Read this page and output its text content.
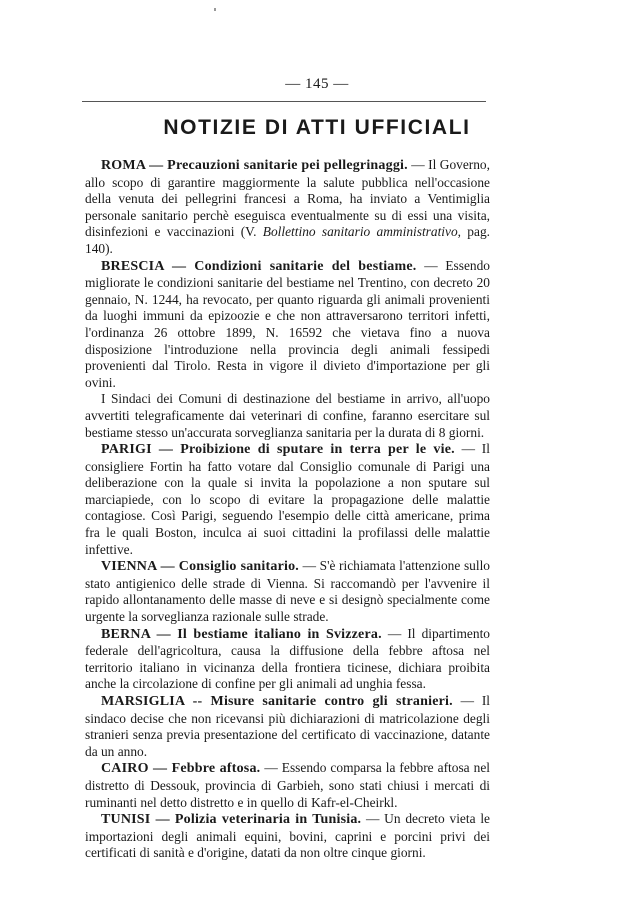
— 145 —
NOTIZIE DI ATTI UFFICIALI

ROMA — Precauzioni sanitarie pei pellegrinaggi. — Il Governo, allo scopo di garantire maggiormente la salute pubblica nell'occasione della venuta dei pellegrini francesi a Roma, ha inviato a Ventimiglia personale sanitario perchè eseguisca eventualmente su di essi una visita, disinfezioni e vaccinazioni (V. Bollettino sanitario amministrativo, pag. 140).

BRESCIA — Condizioni sanitarie del bestiame. — Essendo migliorate le condizioni sanitarie del bestiame nel Trentino, con decreto 20 gennaio, N. 1244, ha revocato, per quanto riguarda gli animali provenienti da luoghi immuni da epizoozie e che non attraversarono territori infetti, l'ordinanza 26 ottobre 1899, N. 16592 che vietava fino a nuova disposizione l'introduzione nella provincia degli animali fessipedi provenienti dal Tirolo. Resta in vigore il divieto d'importazione per gli ovini.

I Sindaci dei Comuni di destinazione del bestiame in arrivo, all'uopo avvertiti telegraficamente dai veterinari di confine, faranno esercitare sul bestiame stesso un'accurata sorveglianza sanitaria per la durata di 8 giorni.

PARIGI — Proibizione di sputare in terra per le vie. — Il consigliere Fortin ha fatto votare dal Consiglio comunale di Parigi una deliberazione con la quale si invita la popolazione a non sputare sul marciapiede, con lo scopo di evitare la propagazione delle malattie contagiose. Così Parigi, seguendo l'esempio delle città americane, prima fra le quali Boston, inculca ai suoi cittadini la profilassi delle malattie infettive.

VIENNA — Consiglio sanitario. — S'è richiamata l'attenzione sullo stato antigienico delle strade di Vienna. Si raccomandò per l'avvenire il rapido allontanamento delle masse di neve e si designò specialmente come urgente la sorveglianza razionale sulle strade.

BERNA — Il bestiame italiano in Svizzera. — Il dipartimento federale dell'agricoltura, causa la diffusione della febbre aftosa nel territorio italiano in vicinanza della frontiera ticinese, dichiara proibita anche la circolazione di confine per gli animali ad unghia fessa.

MARSIGLIA -- Misure sanitarie contro gli stranieri. — Il sindaco decise che non ricevansi più dichiarazioni di matricolazione degli stranieri senza previa presentazione del certificato di vaccinazione, datante da un anno.

CAIRO — Febbre aftosa. — Essendo comparsa la febbre aftosa nel distretto di Dessouk, provincia di Garbieh, sono stati chiusi i mercati di ruminanti nel detto distretto e in quello di Kafr-el-Cheirkl.

TUNISI — Polizia veterinaria in Tunisia. — Un decreto vieta le importazioni degli animali equini, bovini, caprini e porcini privi dei certificati di sanità e d'origine, datati da non oltre cinque giorni.
